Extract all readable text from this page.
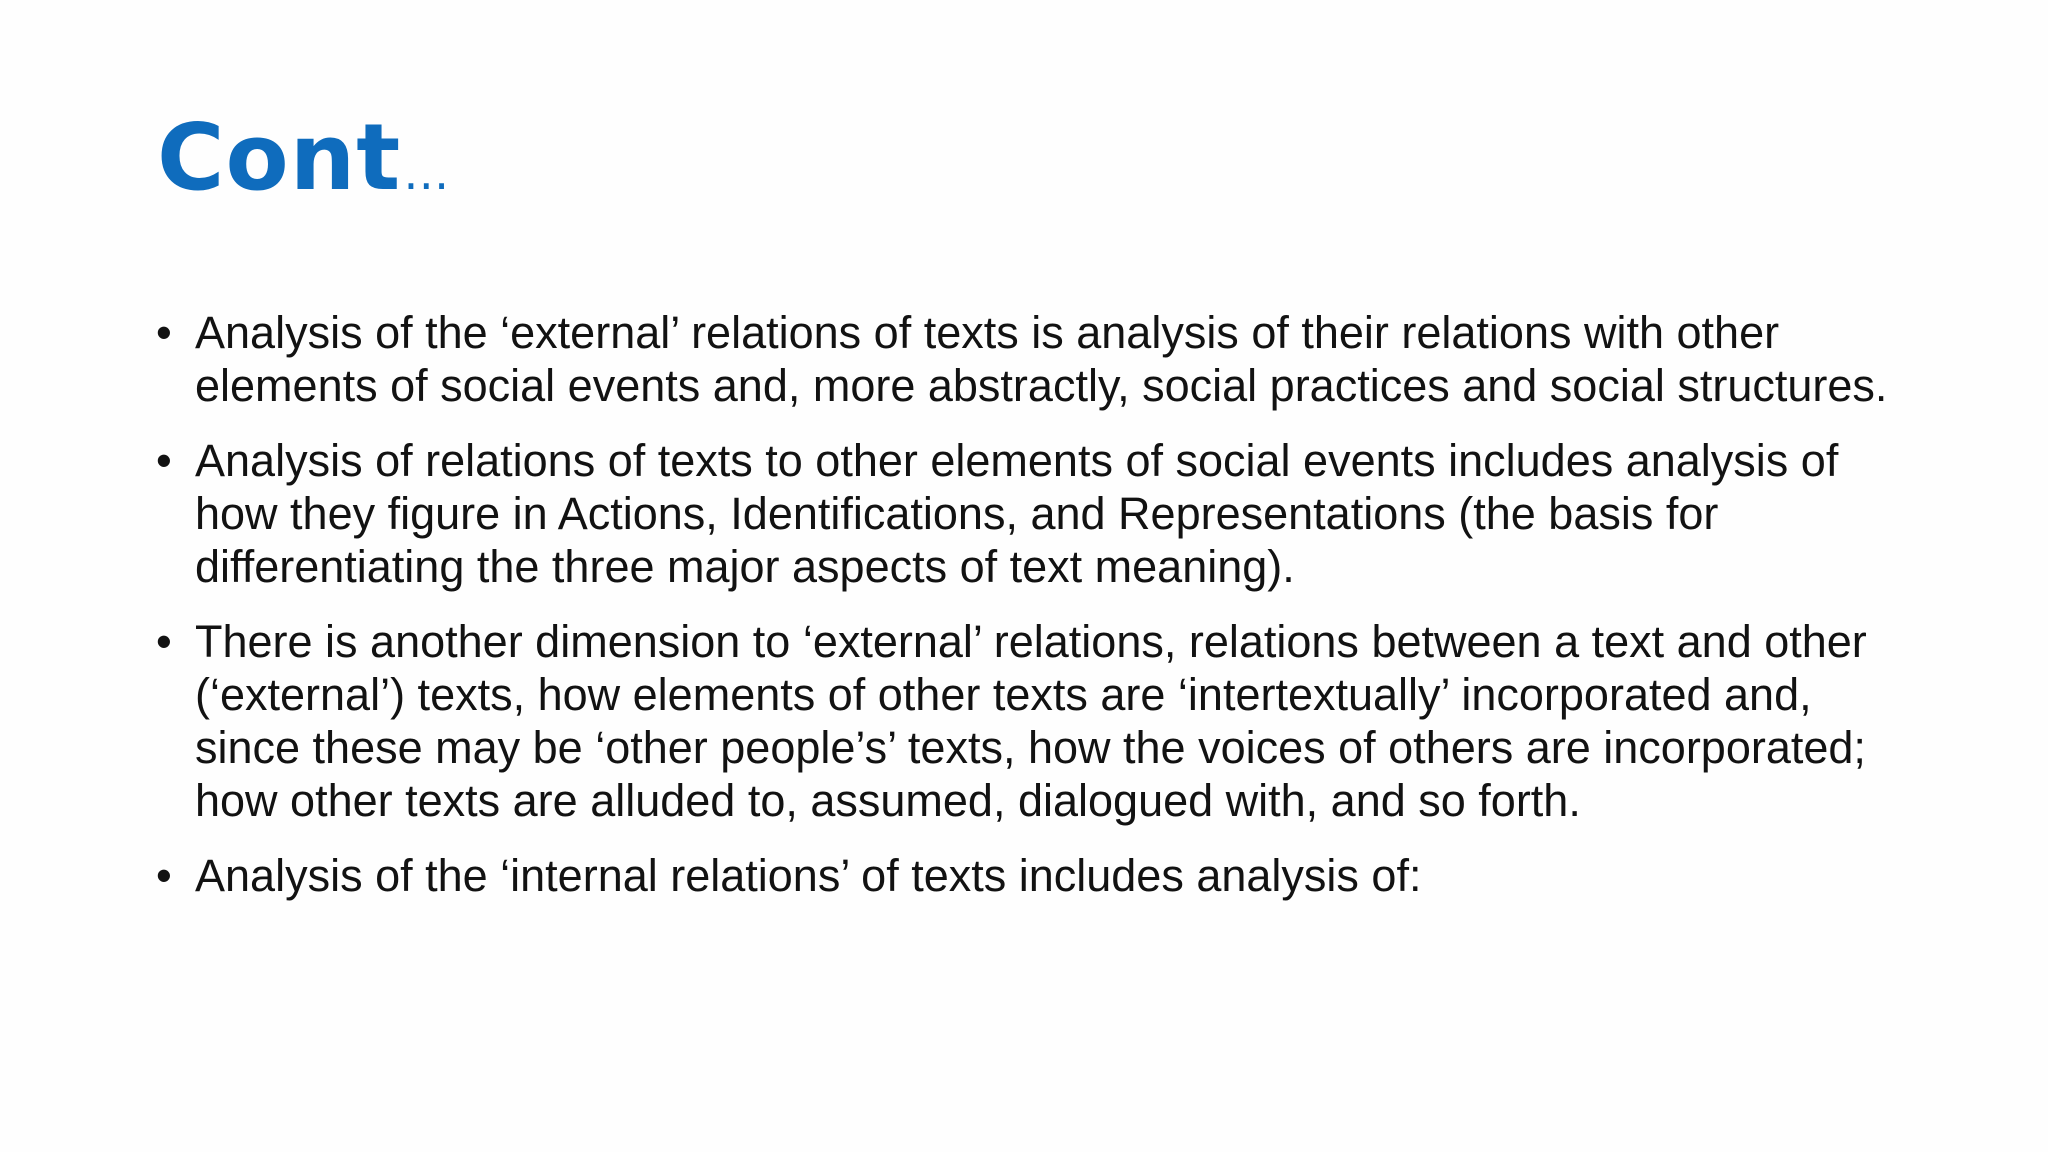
Cont…
• Analysis of the ‘external’ relations of texts is analysis of their relations with other elements of social events and, more abstractly, social practices and social structures.
• Analysis of relations of texts to other elements of social events includes analysis of how they figure in Actions, Identifications, and Representations (the basis for differentiating the three major aspects of text meaning).
• There is another dimension to ‘external’ relations, relations between a text and other (‘external’) texts, how elements of other texts are ‘intertextually’ incorporated and, since these may be ‘other people’s’ texts, how the voices of others are incorporated; how other texts are alluded to, assumed, dialogued with, and so forth.
• Analysis of the ‘internal relations’ of texts includes analysis of:
